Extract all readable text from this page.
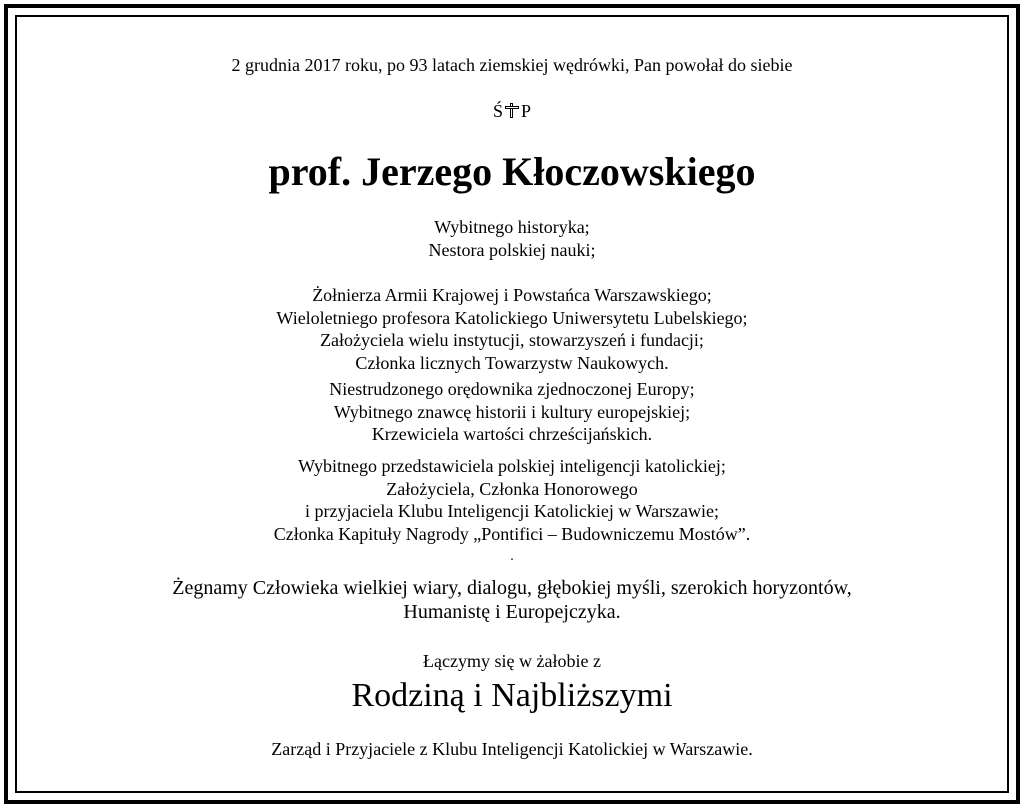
2 grudnia 2017 roku, po 93 latach ziemskiej wędrówki, Pan powołał do siebie
Ś P
prof. Jerzego Kłoczowskiego
Wybitnego historyka;
Nestora polskiej nauki;
Żołnierza Armii Krajowej i Powstańca Warszawskiego;
Wieloletniego profesora Katolickiego Uniwersytetu Lubelskiego;
Założyciela wielu instytucji, stowarzyszeń i fundacji;
Członka licznych Towarzystw Naukowych.
Niestrudzonego orędownika zjednoczonej Europy;
Wybitnego znawcę historii i kultury europejskiej;
Krzewiciela wartości chrześcijańskich.
Wybitnego przedstawiciela polskiej inteligencji katolickiej;
Założyciela, Członka Honorowego
i przyjaciela Klubu Inteligencji Katolickiej w Warszawie;
Członka Kapituły Nagrody „Pontifici – Budowniczemu Mostów”.
.
Żegnamy Człowieka wielkiej wiary, dialogu, głębokiej myśli, szerokich horyzontów,
Humanistę i Europejczyka.
Łączymy się w żałobie z
Rodziną i Najbliższymi
Zarząd i Przyjaciele z Klubu Inteligencji Katolickiej w Warszawie.
